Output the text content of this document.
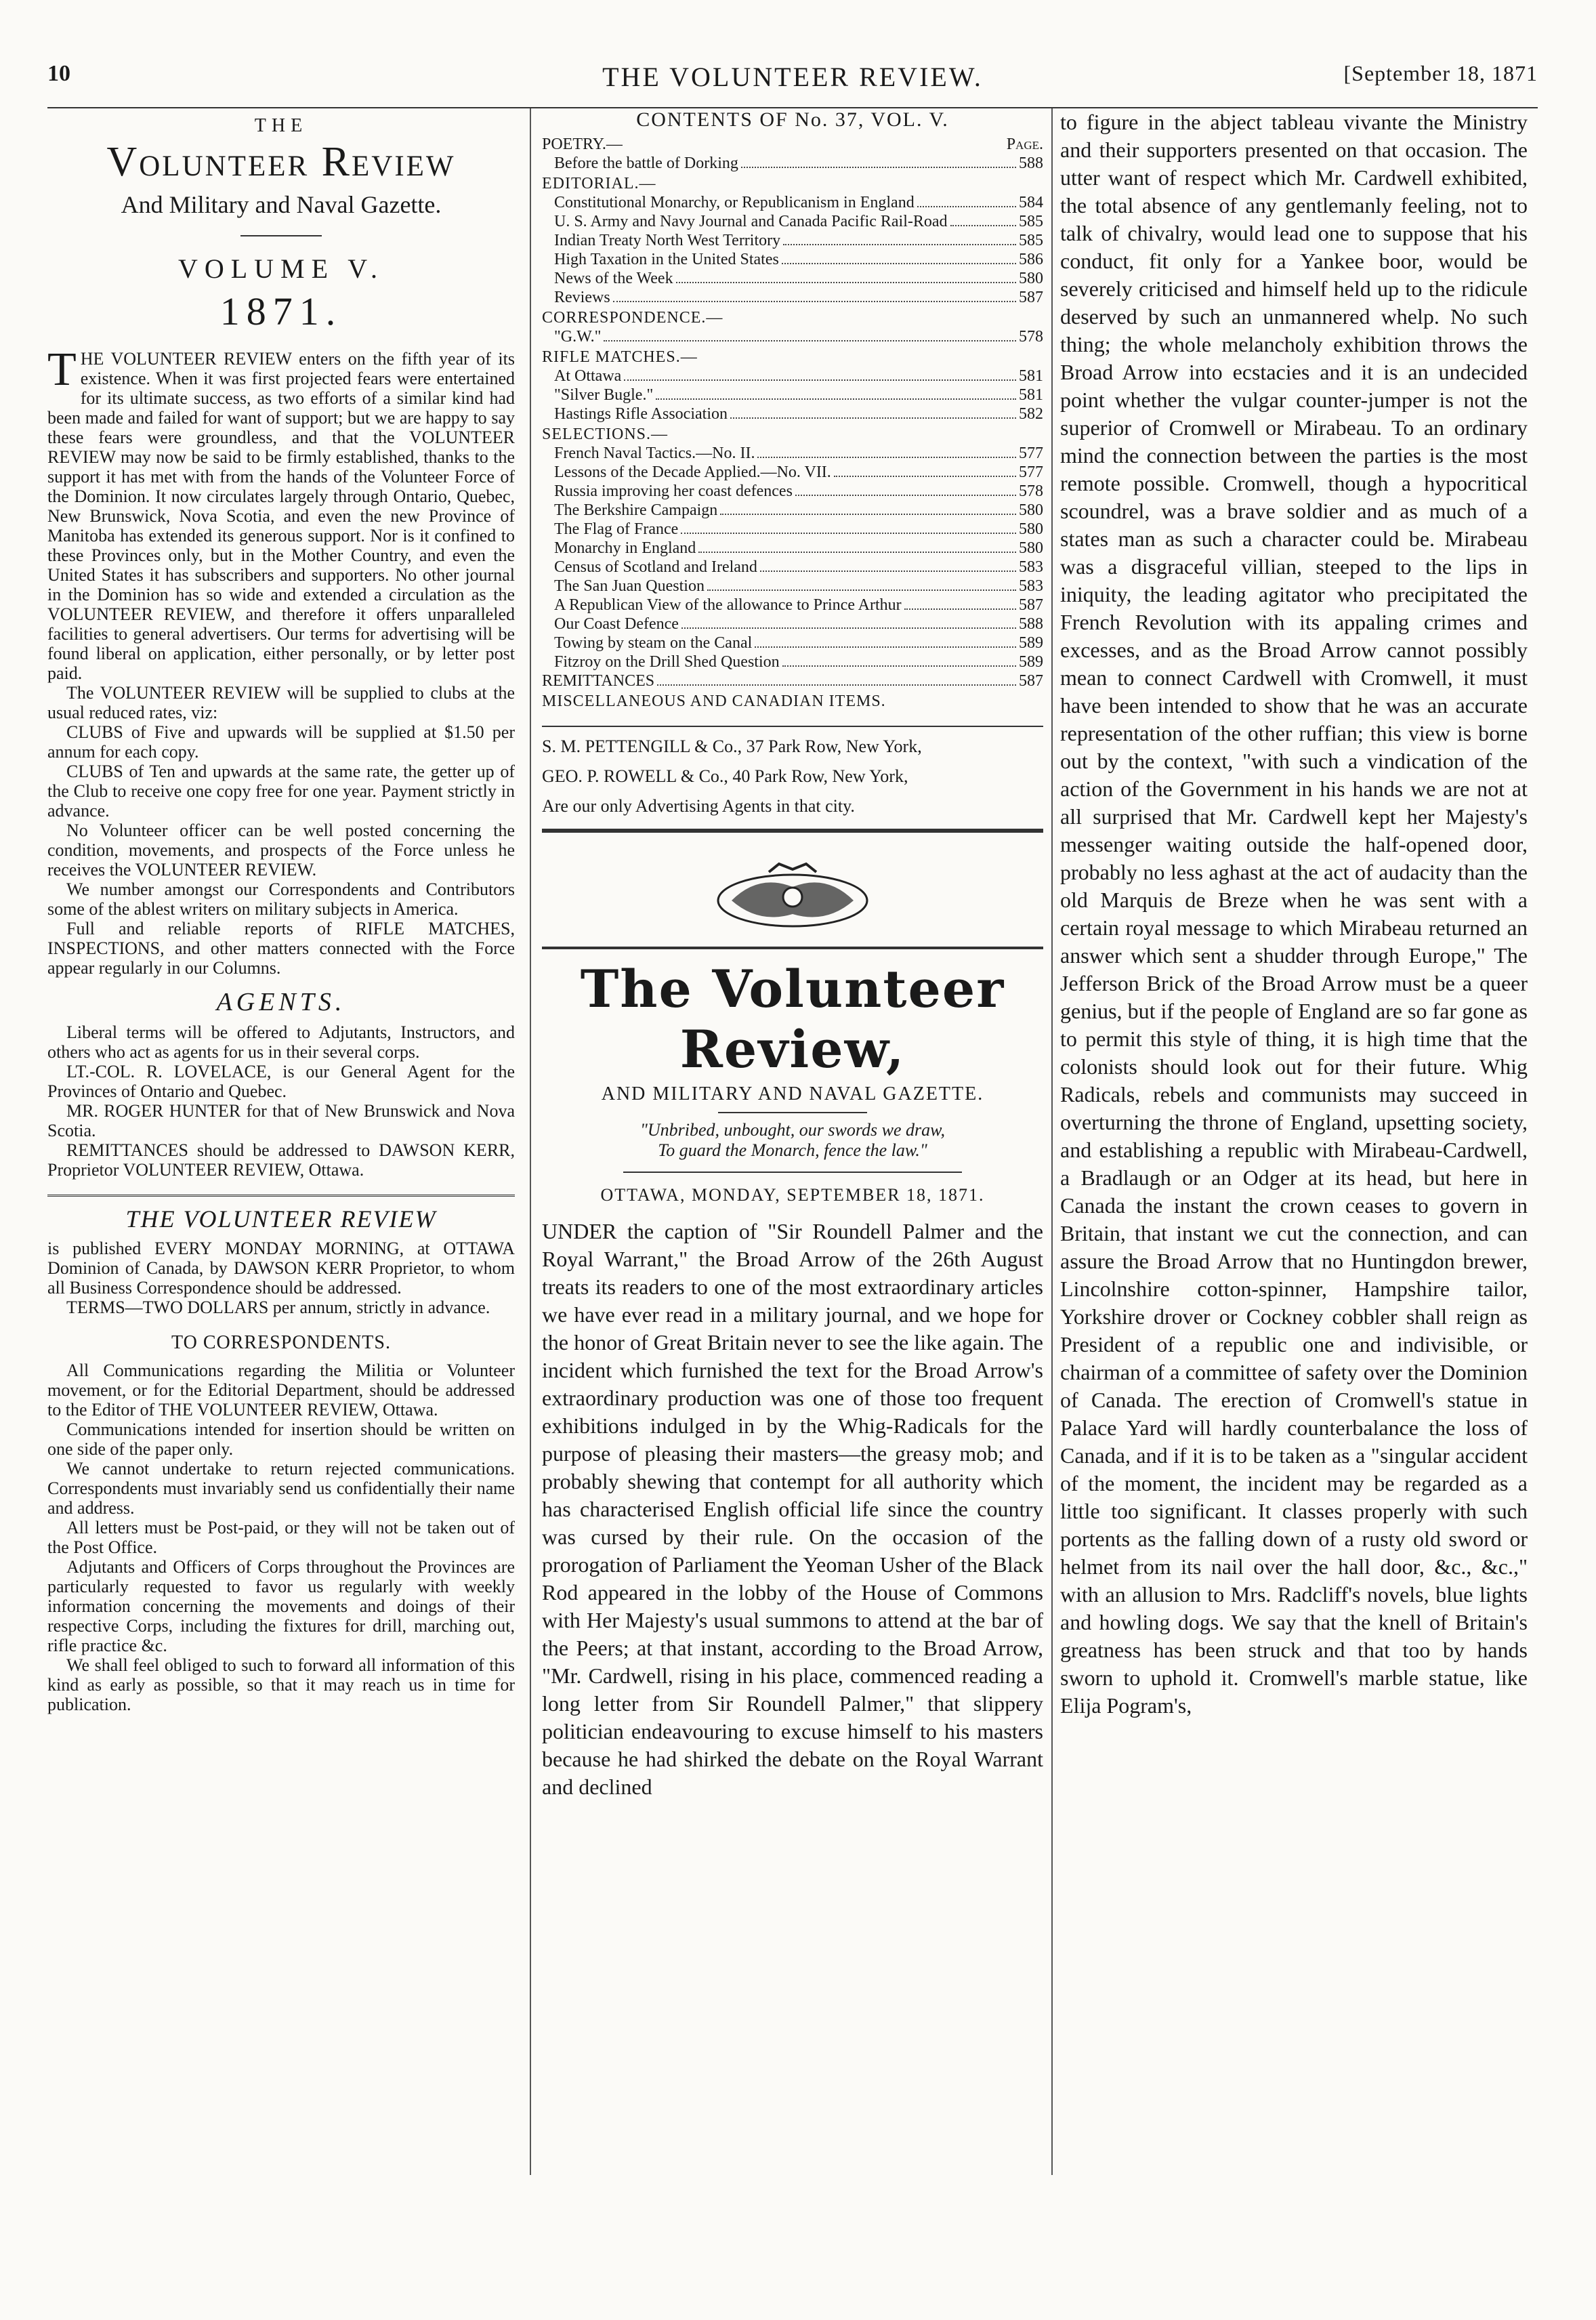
10	THE VOLUNTEER REVIEW.	[September 18, 1871
THE
Volunteer Review
And Military and Naval Gazette.
VOLUME V.
1871.
THE VOLUNTEER REVIEW enters on the fifth year of its existence. When it was first projected fears were entertained for its ultimate success, as two efforts of a similar kind had been made and failed for want of support; but we are happy to say these fears were groundless, and that the VOLUNTEER REVIEW may now be said to be firmly established, thanks to the support it has met with from the hands of the Volunteer Force of the Dominion. It now circulates largely through Ontario, Quebec, New Brunswick, Nova Scotia, and even the new Province of Manitoba has extended its generous support. Nor is it confined to these Provinces only, but in the Mother Country, and even the United States it has subscribers and supporters. No other journal in the Dominion has so wide and extended a circulation as the VOLUNTEER REVIEW, and therefore it offers unparalleled facilities to general advertisers. Our terms for advertising will be found liberal on application, either personally, or by letter post paid.

The VOLUNTEER REVIEW will be supplied to clubs at the usual reduced rates, viz:

CLUBS of Five and upwards will be supplied at $1.50 per annum for each copy.

CLUBS of Ten and upwards at the same rate, the getter up of the Club to receive one copy free for one year. Payment strictly in advance.

No Volunteer officer can be well posted concerning the condition, movements, and prospects of the Force unless he receives the VOLUNTEER REVIEW.

We number amongst our Correspondents and Contributors some of the ablest writers on military subjects in America.

Full and reliable reports of RIFLE MATCHES, INSPECTIONS, and other matters connected with the Force appear regularly in our Columns.

AGENTS.

Liberal terms will be offered to Adjutants, Instructors, and others who act as agents for us in their several corps.

LT.-COL. R. LOVELACE, is our General Agent for the Provinces of Ontario and Quebec.

MR. ROGER HUNTER for that of New Brunswick and Nova Scotia.

REMITTANCES should be addressed to DAWSON KERR, Proprietor VOLUNTEER REVIEW, Ottawa.

THE VOLUNTEER REVIEW

is published EVERY MONDAY MORNING, at OTTAWA Dominion of Canada, by DAWSON KERR Proprietor, to whom all Business Correspondence should be addressed.

TERMS—TWO DOLLARS per annum, strictly in advance.

TO CORRESPONDENTS.

All Communications regarding the Militia or Volunteer movement, or for the Editorial Department, should be addressed to the Editor of THE VOLUNTEER REVIEW, Ottawa.

Communications intended for insertion should be written on one side of the paper only.

We cannot undertake to return rejected communications. Correspondents must invariably send us confidentially their name and address.

All letters must be Post-paid, or they will not be taken out of the Post Office.

Adjutants and Officers of Corps throughout the Provinces are particularly requested to favor us regularly with weekly information concerning the movements and doings of their respective Corps, including the fixtures for drill, marching out, rifle practice &c.

We shall feel obliged to such to forward all information of this kind as early as possible, so that it may reach us in time for publication.

CONTENTS OF No. 37, VOL. V.
POETRY.—	Page.
Before the battle of Dorking	588
EDITORIAL.—
Constitutional Monarchy, or Republicanism in England	584
U. S. Army and Navy Journal and Canada Pacific Rail-Road	585
Indian Treaty North West Territory	585
High Taxation in the United States	586
News of the Week	580
Reviews	587
CORRESPONDENCE.—
"G.W."	578
RIFLE MATCHES.—
At Ottawa	581
"Silver Bugle."	581
Hastings Rifle Association	582
SELECTIONS.—
French Naval Tactics.—No. II.	577
Lessons of the Decade Applied.—No. VII.	577
Russia improving her coast defences	578
The Berkshire Campaign	580
The Flag of France	580
Monarchy in England	580
Census of Scotland and Ireland	583
The San Juan Question	583
A Republican View of the allowance to Prince Arthur	587
Our Coast Defence	588
Towing by steam on the Canal	589
Fitzroy on the Drill Shed Question	589
REMITTANCES	587
MISCELLANEOUS AND CANADIAN ITEMS.

S. M. PETTENGILL & Co., 37 Park Row, New York,

GEO. P. ROWELL & Co., 40 Park Row, New York,

Are our only Advertising Agents in that city.

The Volunteer Review,
AND MILITARY AND NAVAL GAZETTE.
"Unbribed, unbought, our swords we draw,
To guard the Monarch, fence the law."
OTTAWA, MONDAY, SEPTEMBER 18, 1871.

UNDER the caption of "Sir Roundell Palmer and the Royal Warrant," the Broad Arrow of the 26th August treats its readers to one of the most extraordinary articles we have ever read in a military journal, and we hope for the honor of Great Britain never to see the like again. The incident which furnished the text for the Broad Arrow's extraordinary production was one of those too frequent exhibitions indulged in by the Whig-Radicals for the purpose of pleasing their masters—the greasy mob; and probably shewing that contempt for all authority which has characterised English official life since the country was cursed by their rule. On the occasion of the prorogation of Parliament the Yeoman Usher of the Black Rod appeared in the lobby of the House of Commons with Her Majesty's usual summons to attend at the bar of the Peers; at that instant, according to the Broad Arrow, "Mr. Cardwell, rising in his place, commenced reading a long letter from Sir Roundell Palmer," that slippery politician endeavouring to excuse himself to his masters because he had shirked the debate on the Royal Warrant and declined

to figure in the abject tableau vivante the Ministry and their supporters presented on that occasion. The utter want of respect which Mr. Cardwell exhibited, the total absence of any gentlemanly feeling, not to talk of chivalry, would lead one to suppose that his conduct, fit only for a Yankee boor, would be severely criticised and himself held up to the ridicule deserved by such an unmannered whelp. No such thing; the whole melancholy exhibition throws the Broad Arrow into ecstacies and it is an undecided point whether the vulgar counter-jumper is not the superior of Cromwell or Mirabeau. To an ordinary mind the connection between the parties is the most remote possible. Cromwell, though a hypocritical scoundrel, was a brave soldier and as much of a states man as such a character could be. Mirabeau was a disgraceful villian, steeped to the lips in iniquity, the leading agitator who precipitated the French Revolution with its appaling crimes and excesses, and as the Broad Arrow cannot possibly mean to connect Cardwell with Cromwell, it must have been intended to show that he was an accurate representation of the other ruffian; this view is borne out by the context, "with such a vindication of the action of the Government in his hands we are not at all surprised that Mr. Cardwell kept her Majesty's messenger waiting outside the half-opened door, probably no less aghast at the act of audacity than the old Marquis de Breze when he was sent with a certain royal message to which Mirabeau returned an answer which sent a shudder through Europe," The Jefferson Brick of the Broad Arrow must be a queer genius, but if the people of England are so far gone as to permit this style of thing, it is high time that the colonists should look out for their future. Whig Radicals, rebels and communists may succeed in overturning the throne of England, upsetting society, and establishing a republic with Mirabeau-Cardwell, a Bradlaugh or an Odger at its head, but here in Canada the instant the crown ceases to govern in Britain, that instant we cut the connection, and can assure the Broad Arrow that no Huntingdon brewer, Lincolnshire cotton-spinner, Hampshire tailor, Yorkshire drover or Cockney cobbler shall reign as President of a republic one and indivisible, or chairman of a committee of safety over the Dominion of Canada. The erection of Cromwell's statue in Palace Yard will hardly counterbalance the loss of Canada, and if it is to be taken as a "singular accident of the moment, the incident may be regarded as a little too significant. It classes properly with such portents as the falling down of a rusty old sword or helmet from its nail over the hall door, &c., &c.," with an allusion to Mrs. Radcliff's novels, blue lights and howling dogs. We say that the knell of Britain's greatness has been struck and that too by hands sworn to uphold it. Cromwell's marble statue, like Elija Pogram's,
